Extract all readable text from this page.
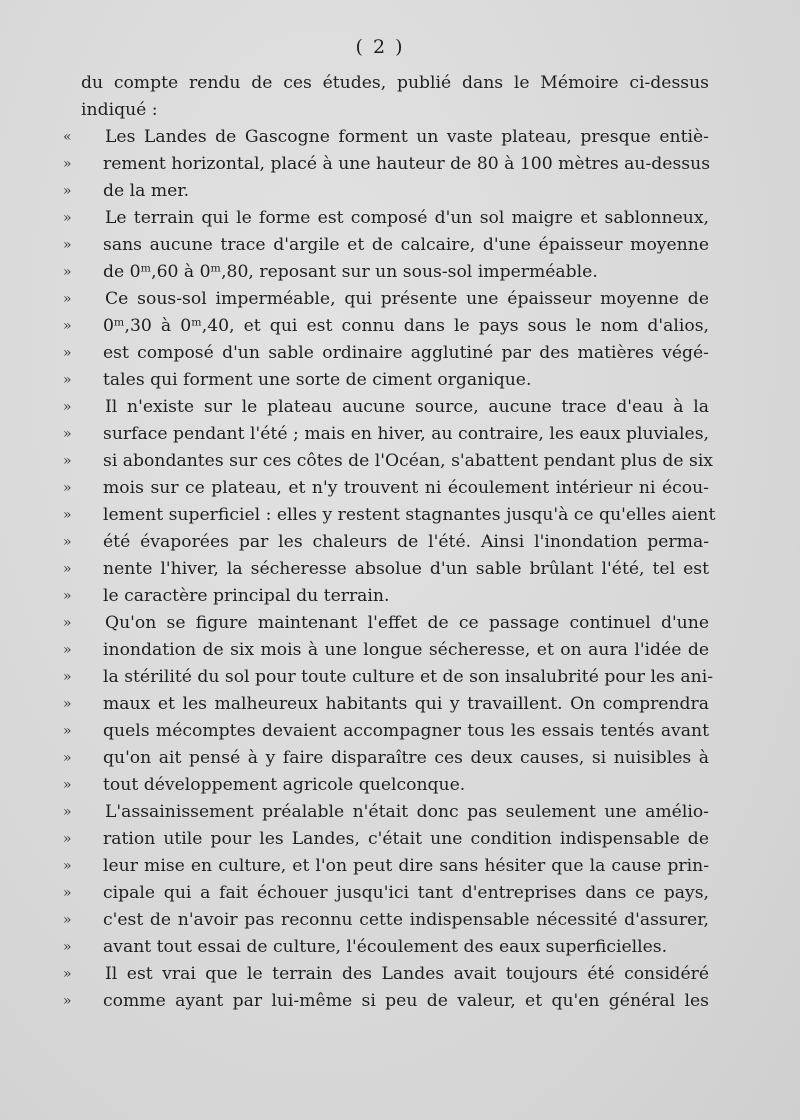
( 2 )
du compte rendu de ces études, publié dans le Mémoire ci-dessus
indiqué :
« Les Landes de Gascogne forment un vaste plateau, presque entiè-
» rement horizontal, placé à une hauteur de 80 à 100 mètres au-dessus
» de la mer.
» Le terrain qui le forme est composé d'un sol maigre et sablonneux,
» sans aucune trace d'argile et de calcaire, d'une épaisseur moyenne
» de 0ᵐ,60 à 0ᵐ,80, reposant sur un sous-sol imperméable.
» Ce sous-sol imperméable, qui présente une épaisseur moyenne de
» 0ᵐ,30 à 0ᵐ,40, et qui est connu dans le pays sous le nom d'alios,
» est composé d'un sable ordinaire agglutiné par des matières végé-
» tales qui forment une sorte de ciment organique.
» Il n'existe sur le plateau aucune source, aucune trace d'eau à la
» surface pendant l'été ; mais en hiver, au contraire, les eaux pluviales,
» si abondantes sur ces côtes de l'Océan, s'abattent pendant plus de six
» mois sur ce plateau, et n'y trouvent ni écoulement intérieur ni écou-
» lement superficiel : elles y restent stagnantes jusqu'à ce qu'elles aient
» été évaporées par les chaleurs de l'été. Ainsi l'inondation perma-
» nente l'hiver, la sécheresse absolue d'un sable brûlant l'été, tel est
» le caractère principal du terrain.
» Qu'on se figure maintenant l'effet de ce passage continuel d'une
» inondation de six mois à une longue sécheresse, et on aura l'idée de
» la stérilité du sol pour toute culture et de son insalubrité pour les ani-
» maux et les malheureux habitants qui y travaillent. On comprendra
» quels mécomptes devaient accompagner tous les essais tentés avant
» qu'on ait pensé à y faire disparaître ces deux causes, si nuisibles à
» tout développement agricole quelconque.
» L'assainissement préalable n'était donc pas seulement une amélio-
» ration utile pour les Landes, c'était une condition indispensable de
» leur mise en culture, et l'on peut dire sans hésiter que la cause prin-
» cipale qui a fait échouer jusqu'ici tant d'entreprises dans ce pays,
» c'est de n'avoir pas reconnu cette indispensable nécessité d'assurer,
» avant tout essai de culture, l'écoulement des eaux superficielles.
» Il est vrai que le terrain des Landes avait toujours été considéré
» comme ayant par lui-même si peu de valeur, et qu'en général les
